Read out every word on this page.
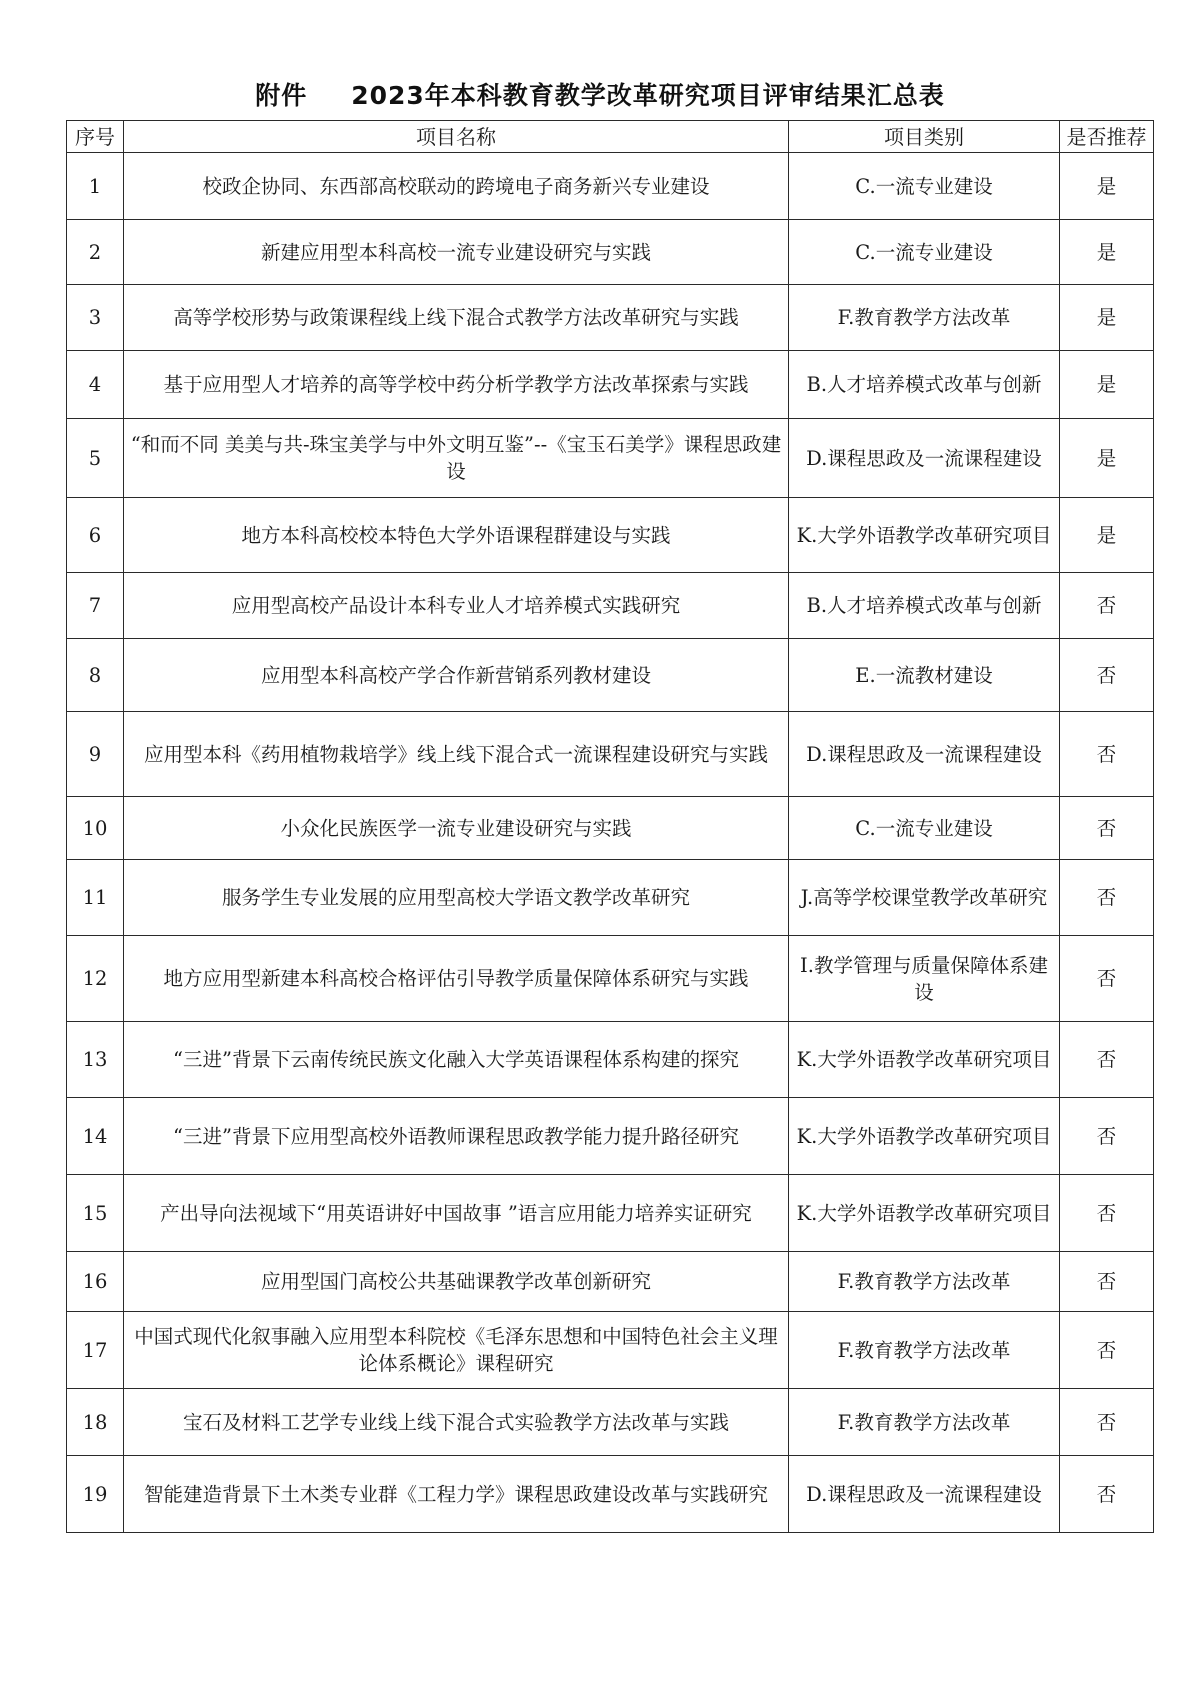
附件 2023年本科教育教学改革研究项目评审结果汇总表
序号	项目名称	项目类别	是否推荐
1	校政企协同、东西部高校联动的跨境电子商务新兴专业建设	C.一流专业建设	是
2	新建应用型本科高校一流专业建设研究与实践	C.一流专业建设	是
3	高等学校形势与政策课程线上线下混合式教学方法改革研究与实践	F.教育教学方法改革	是
4	基于应用型人才培养的高等学校中药分析学教学方法改革探索与实践	B.人才培养模式改革与创新	是
5	“和而不同 美美与共-珠宝美学与中外文明互鉴”--《宝玉石美学》课程思政建设	D.课程思政及一流课程建设	是
6	地方本科高校校本特色大学外语课程群建设与实践	K.大学外语教学改革研究项目	是
7	应用型高校产品设计本科专业人才培养模式实践研究	B.人才培养模式改革与创新	否
8	应用型本科高校产学合作新营销系列教材建设	E.一流教材建设	否
9	应用型本科《药用植物栽培学》线上线下混合式一流课程建设研究与实践	D.课程思政及一流课程建设	否
10	小众化民族医学一流专业建设研究与实践	C.一流专业建设	否
11	服务学生专业发展的应用型高校大学语文教学改革研究	J.高等学校课堂教学改革研究	否
12	地方应用型新建本科高校合格评估引导教学质量保障体系研究与实践	I.教学管理与质量保障体系建设	否
13	“三进”背景下云南传统民族文化融入大学英语课程体系构建的探究	K.大学外语教学改革研究项目	否
14	“三进”背景下应用型高校外语教师课程思政教学能力提升路径研究	K.大学外语教学改革研究项目	否
15	产出导向法视域下“用英语讲好中国故事 ”语言应用能力培养实证研究	K.大学外语教学改革研究项目	否
16	应用型国门高校公共基础课教学改革创新研究	F.教育教学方法改革	否
17	中国式现代化叙事融入应用型本科院校《毛泽东思想和中国特色社会主义理论体系概论》课程研究	F.教育教学方法改革	否
18	宝石及材料工艺学专业线上线下混合式实验教学方法改革与实践	F.教育教学方法改革	否
19	智能建造背景下土木类专业群《工程力学》课程思政建设改革与实践研究	D.课程思政及一流课程建设	否
